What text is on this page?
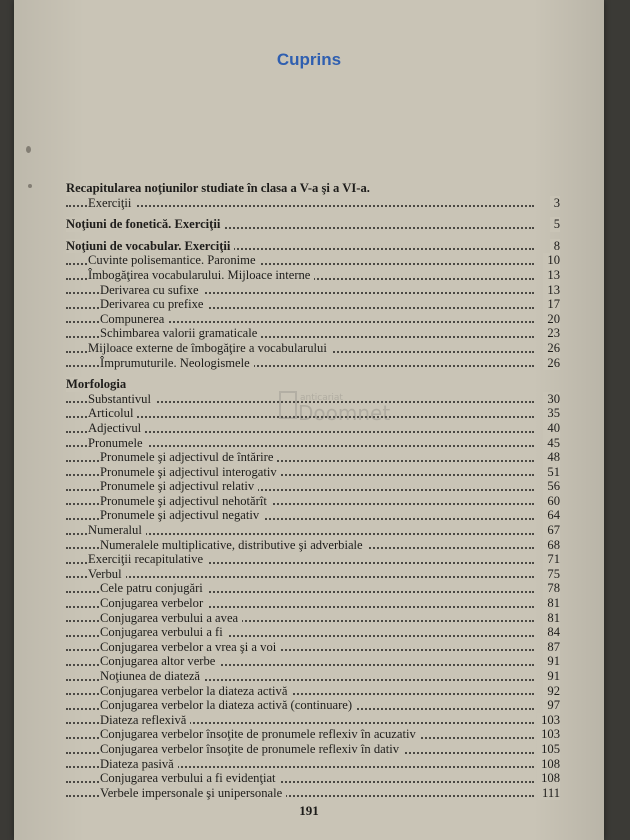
Cuprins
Recapitularea noţiunilor studiate în clasa a V-a şi a VI-a.
Exerciţii	3
Noţiuni de fonetică. Exerciţii	5
Noţiuni de vocabular. Exerciţii	8
Cuvinte polisemantice. Paronime	10
Îmbogăţirea vocabularului. Mijloace interne	13
Derivarea cu sufixe	13
Derivarea cu prefixe	17
Compunerea	20
Schimbarea valorii gramaticale	23
Mijloace externe de îmbogăţire a vocabularului	26
Împrumuturile. Neologismele	26
Morfologia
Substantivul	30
Articolul	35
Adjectivul	40
Pronumele	45
Pronumele şi adjectivul de întărire	48
Pronumele şi adjectivul interogativ	51
Pronumele şi adjectivul relativ	56
Pronumele şi adjectivul nehotărît	60
Pronumele şi adjectivul negativ	64
Numeralul	67
Numeralele multiplicative, distributive şi adverbiale	68
Exerciţii recapitulative	71
Verbul	75
Cele patru conjugări	78
Conjugarea verbelor	81
Conjugarea verbului a avea	81
Conjugarea verbului a fi	84
Conjugarea verbelor a vrea şi a voi	87
Conjugarea altor verbe	91
Noţiunea de diateză	91
Conjugarea verbelor la diateza activă	92
Conjugarea verbelor la diateza activă (continuare)	97
Diateza reflexivă	103
Conjugarea verbelor însoţite de pronumele reflexiv în acuzativ	103
Conjugarea verbelor însoţite de pronumele reflexiv în dativ	105
Diateza pasivă	108
Conjugarea verbului a fi evidenţiat	108
Verbele impersonale şi unipersonale	111
anticariat
Doomnet
191
